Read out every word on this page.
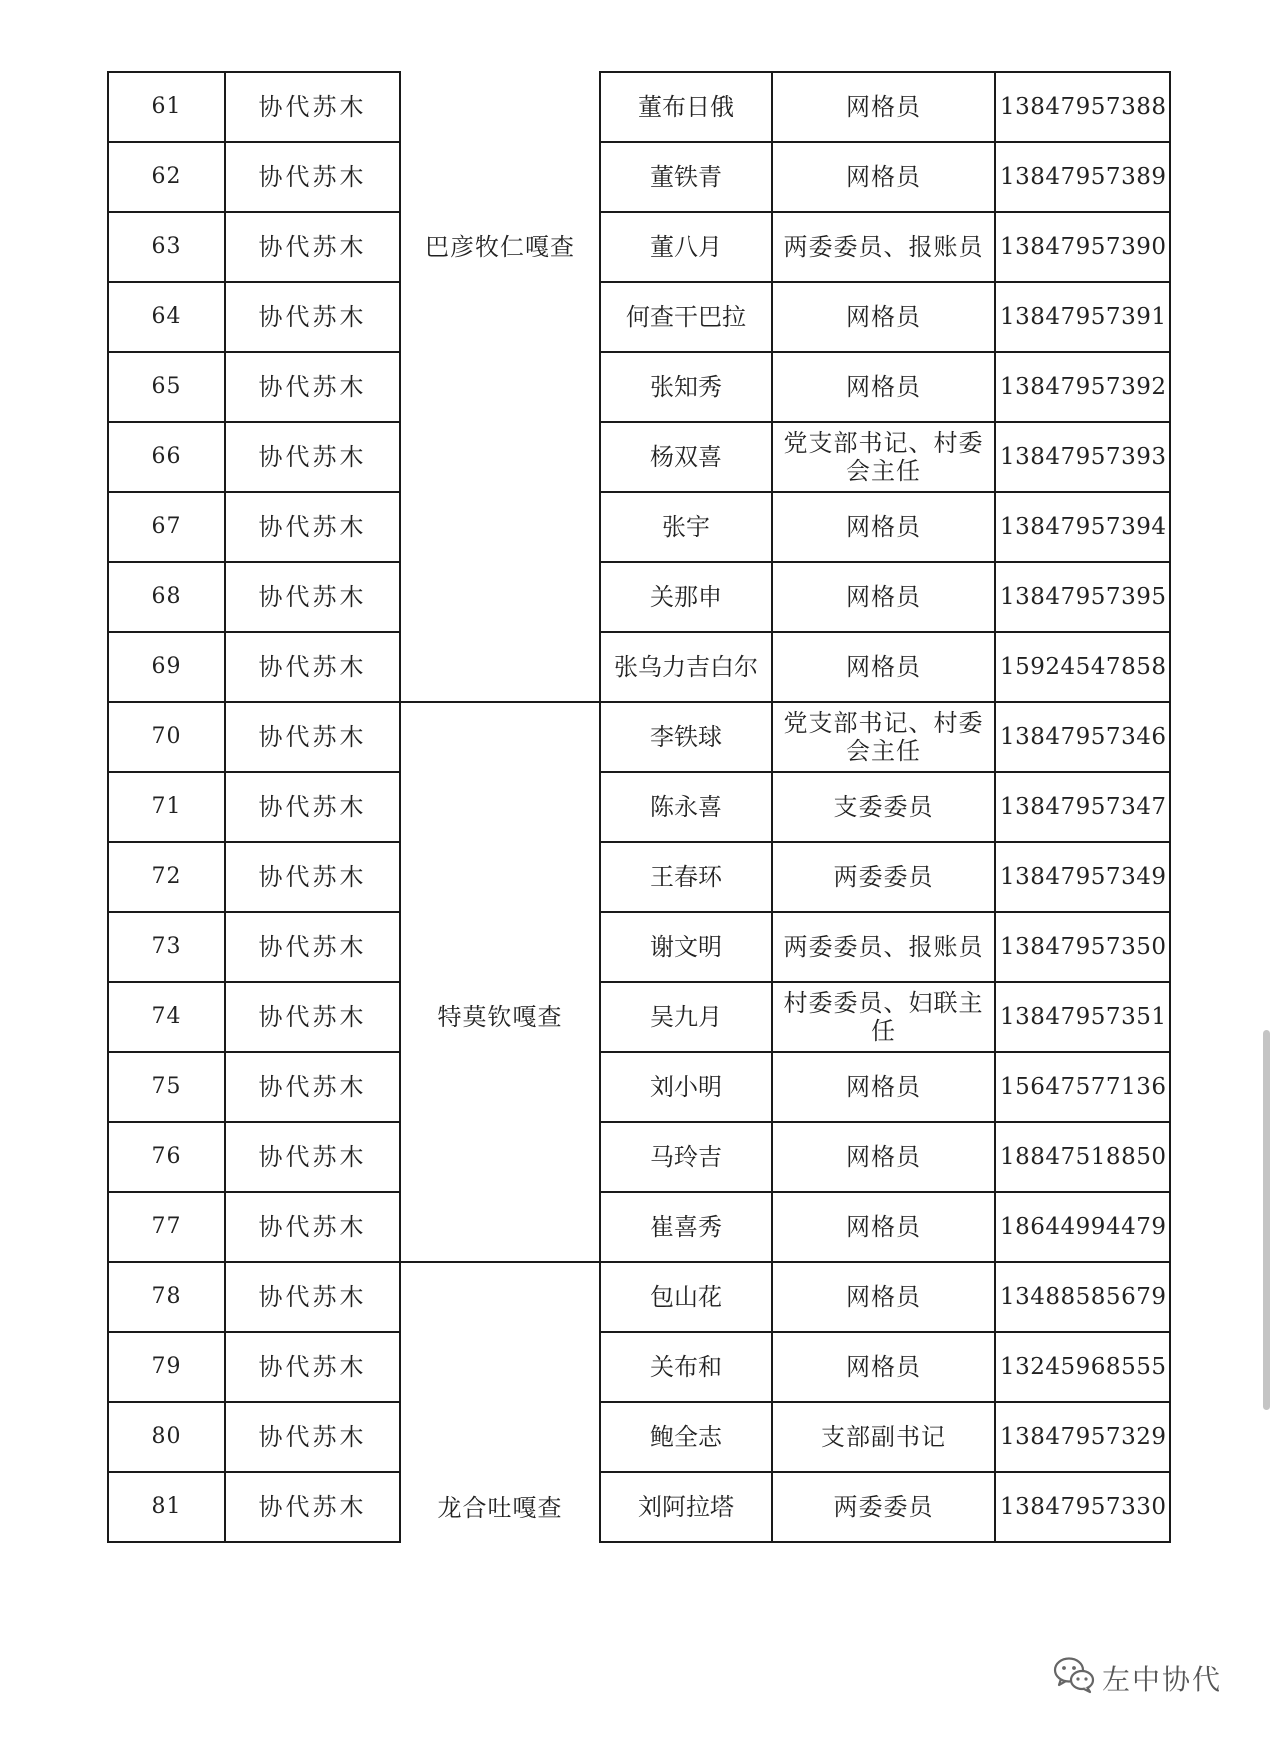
61	协代苏木		董布日俄	网格员	13847957388
62	协代苏木		董铁青	网格员	13847957389
63	协代苏木	巴彦牧仁嘎查	董八月	两委委员、报账员	13847957390
64	协代苏木		何查干巴拉	网格员	13847957391
65	协代苏木		张知秀	网格员	13847957392
66	协代苏木		杨双喜	党支部书记、村委会主任	13847957393
67	协代苏木		张宇	网格员	13847957394
68	协代苏木		关那申	网格员	13847957395
69	协代苏木		张乌力吉白尔	网格员	15924547858
70	协代苏木		李铁球	党支部书记、村委会主任	13847957346
71	协代苏木		陈永喜	支委委员	13847957347
72	协代苏木		王春环	两委委员	13847957349
73	协代苏木		谢文明	两委委员、报账员	13847957350
74	协代苏木	特莫钦嘎查	吴九月	村委委员、妇联主任	13847957351
75	协代苏木		刘小明	网格员	15647577136
76	协代苏木		马玲吉	网格员	18847518850
77	协代苏木		崔喜秀	网格员	18644994479
78	协代苏木		包山花	网格员	13488585679
79	协代苏木		关布和	网格员	13245968555
80	协代苏木		鲍全志	支部副书记	13847957329
81	协代苏木	龙合吐嘎查	刘阿拉塔	两委委员	13847957330
左中协代
